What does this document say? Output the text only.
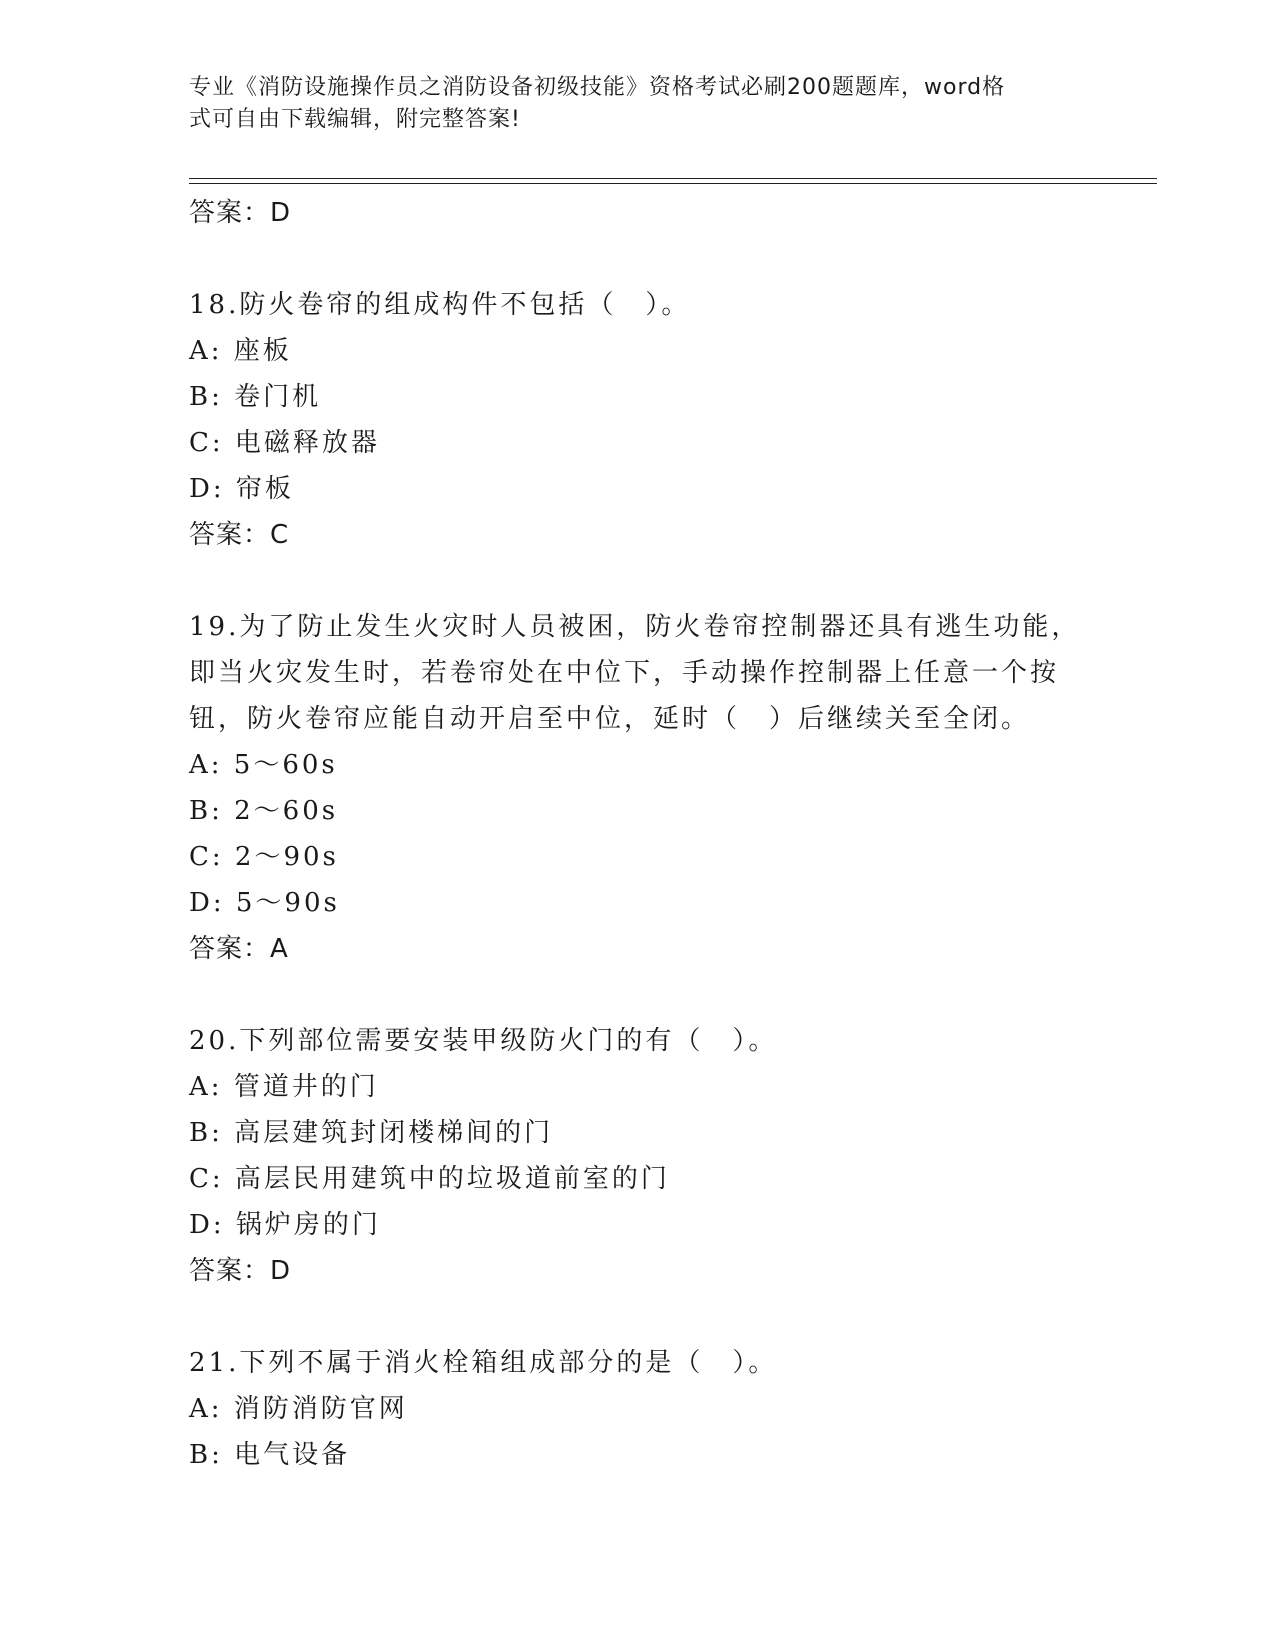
专业《消防设施操作员之消防设备初级技能》资格考试必刷200题题库，word格
式可自由下载编辑，附完整答案!
答案：D
18.防火卷帘的组成构件不包括（　）。
A: 座板
B: 卷门机
C: 电磁释放器
D: 帘板
答案：C
19.为了防止发生火灾时人员被困，防火卷帘控制器还具有逃生功能，
即当火灾发生时，若卷帘处在中位下，手动操作控制器上任意一个按
钮，防火卷帘应能自动开启至中位，延时（　）后继续关至全闭。
A: 5～60s
B: 2～60s
C: 2～90s
D: 5～90s
答案：A
20.下列部位需要安装甲级防火门的有（　）。
A: 管道井的门
B: 高层建筑封闭楼梯间的门
C: 高层民用建筑中的垃圾道前室的门
D: 锅炉房的门
答案：D
21.下列不属于消火栓箱组成部分的是（　）。
A: 消防消防官网
B: 电气设备
